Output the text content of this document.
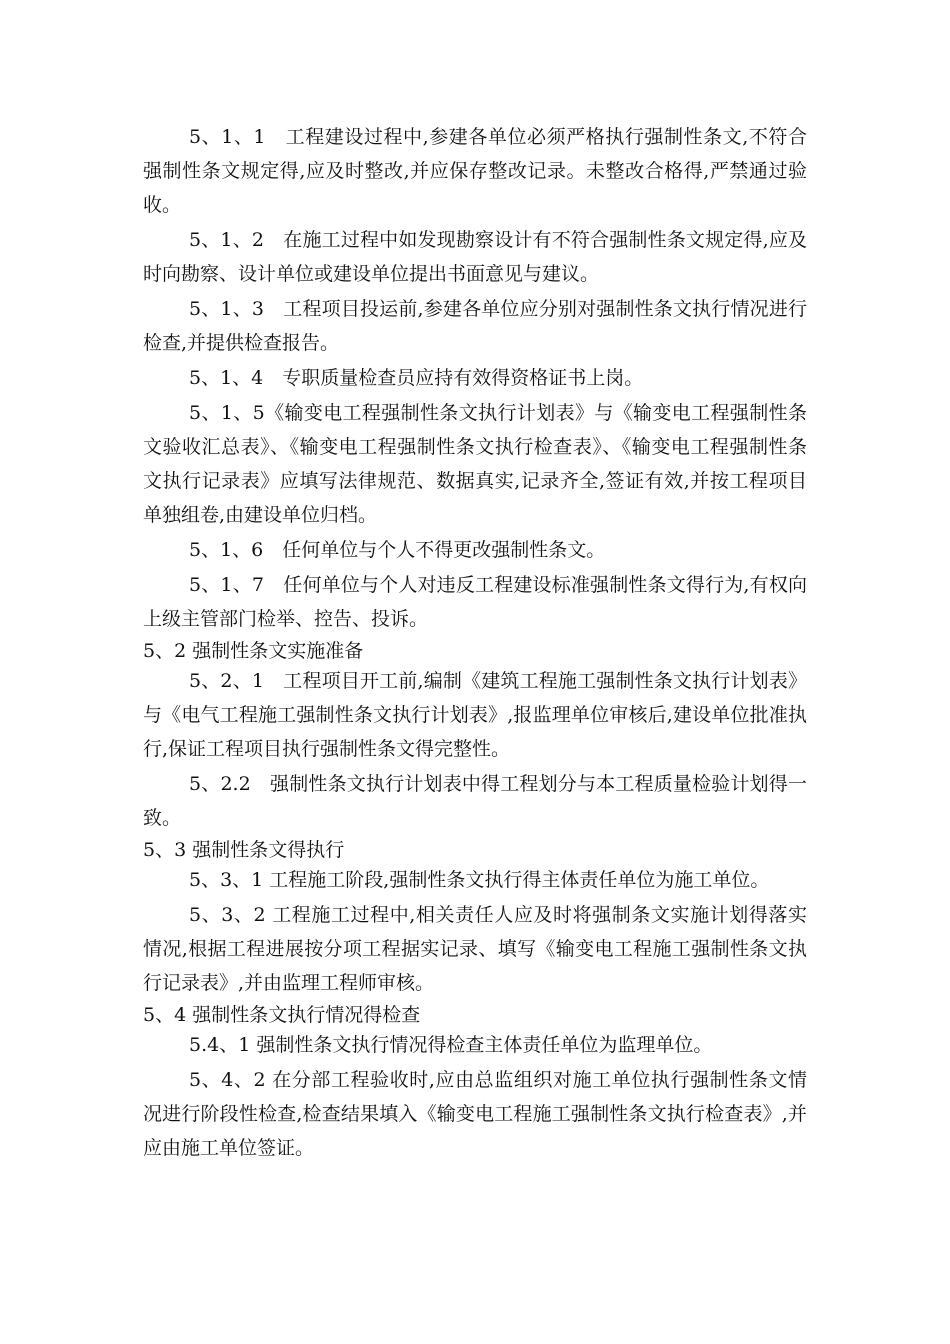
5、1、1　工程建设过程中,参建各单位必须严格执行强制性条文,不符合强制性条文规定得,应及时整改,并应保存整改记录。未整改合格得,严禁通过验收。

5、1、2　在施工过程中如发现勘察设计有不符合强制性条文规定得,应及时向勘察、设计单位或建设单位提出书面意见与建议。

5、1、3　工程项目投运前,参建各单位应分别对强制性条文执行情况进行检查,并提供检查报告。

5、1、4　专职质量检查员应持有效得资格证书上岗。

5、1、5《输变电工程强制性条文执行计划表》与《输变电工程强制性条文验收汇总表》、《输变电工程强制性条文执行检查表》、《输变电工程强制性条文执行记录表》应填写法律规范、数据真实,记录齐全,签证有效,并按工程项目单独组卷,由建设单位归档。

5、1、6　任何单位与个人不得更改强制性条文。

5、1、7　任何单位与个人对违反工程建设标准强制性条文得行为,有权向上级主管部门检举、控告、投诉。

5、2 强制性条文实施准备

5、2、1　工程项目开工前,编制《建筑工程施工强制性条文执行计划表》与《电气工程施工强制性条文执行计划表》,报监理单位审核后,建设单位批准执行,保证工程项目执行强制性条文得完整性。

5、2.2　强制性条文执行计划表中得工程划分与本工程质量检验计划得一致。

5、3 强制性条文得执行

5、3、1 工程施工阶段,强制性条文执行得主体责任单位为施工单位。

5、3、2 工程施工过程中,相关责任人应及时将强制条文实施计划得落实情况,根据工程进展按分项工程据实记录、填写《输变电工程施工强制性条文执行记录表》,并由监理工程师审核。

5、4 强制性条文执行情况得检查

5.4、1 强制性条文执行情况得检查主体责任单位为监理单位。

5、4、2 在分部工程验收时,应由总监组织对施工单位执行强制性条文情况进行阶段性检查,检查结果填入《输变电工程施工强制性条文执行检查表》,并应由施工单位签证。
